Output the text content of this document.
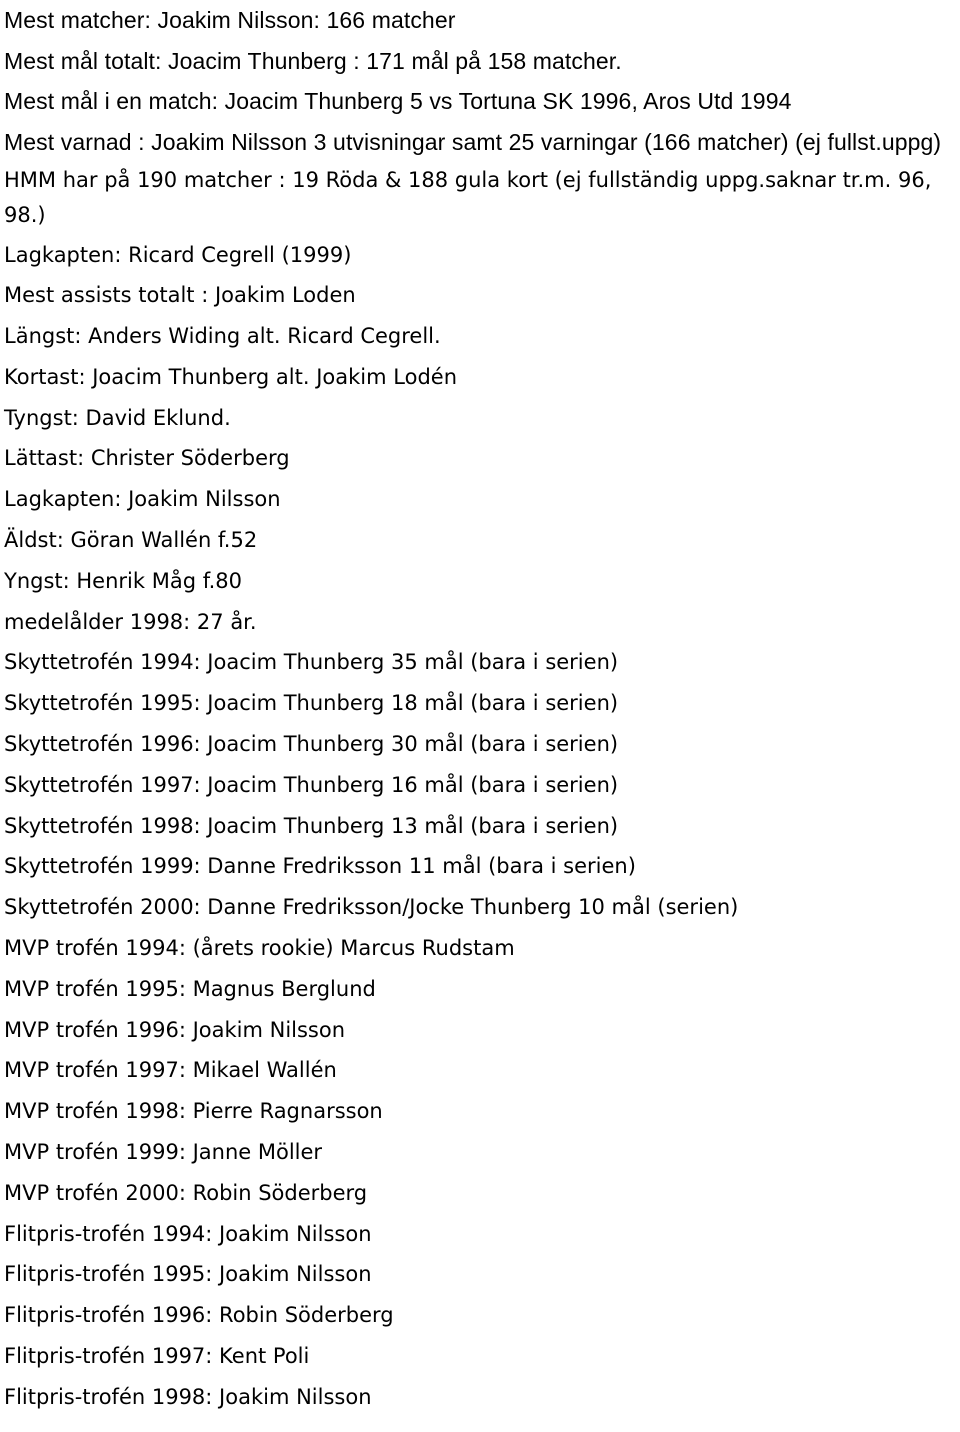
Mest matcher: Joakim Nilsson: 166 matcher

Mest mål totalt: Joacim Thunberg : 171 mål på 158 matcher.

Mest mål i en match: Joacim Thunberg 5 vs Tortuna SK 1996, Aros Utd 1994

Mest varnad : Joakim Nilsson 3 utvisningar samt 25 varningar (166 matcher) (ej fullst.uppg)

HMM har på 190 matcher : 19 Röda & 188 gula kort (ej fullständig uppg.saknar tr.m. 96, 98.)

Lagkapten: Ricard Cegrell (1999)

Mest assists totalt : Joakim Loden

Längst: Anders Widing alt. Ricard Cegrell.

Kortast: Joacim Thunberg alt. Joakim Lodén

Tyngst: David Eklund.

Lättast: Christer Söderberg

Lagkapten: Joakim Nilsson

Äldst: Göran Wallén f.52

Yngst: Henrik Måg f.80

medelålder 1998: 27 år.

Skyttetrofén 1994: Joacim Thunberg 35 mål (bara i serien)

Skyttetrofén 1995: Joacim Thunberg 18 mål (bara i serien)

Skyttetrofén 1996: Joacim Thunberg 30 mål (bara i serien)

Skyttetrofén 1997: Joacim Thunberg 16 mål (bara i serien)

Skyttetrofén 1998: Joacim Thunberg 13 mål (bara i serien)

Skyttetrofén 1999: Danne Fredriksson 11 mål (bara i serien)

Skyttetrofén 2000: Danne Fredriksson/Jocke Thunberg 10 mål (serien)

MVP trofén 1994: (årets rookie) Marcus Rudstam

MVP trofén 1995: Magnus Berglund

MVP trofén 1996: Joakim Nilsson

MVP trofén 1997: Mikael Wallén

MVP trofén 1998: Pierre Ragnarsson

MVP trofén 1999: Janne Möller

MVP trofén 2000: Robin Söderberg

Flitpris-trofén 1994: Joakim Nilsson

Flitpris-trofén 1995: Joakim Nilsson

Flitpris-trofén 1996: Robin Söderberg

Flitpris-trofén 1997: Kent Poli

Flitpris-trofén 1998: Joakim Nilsson
